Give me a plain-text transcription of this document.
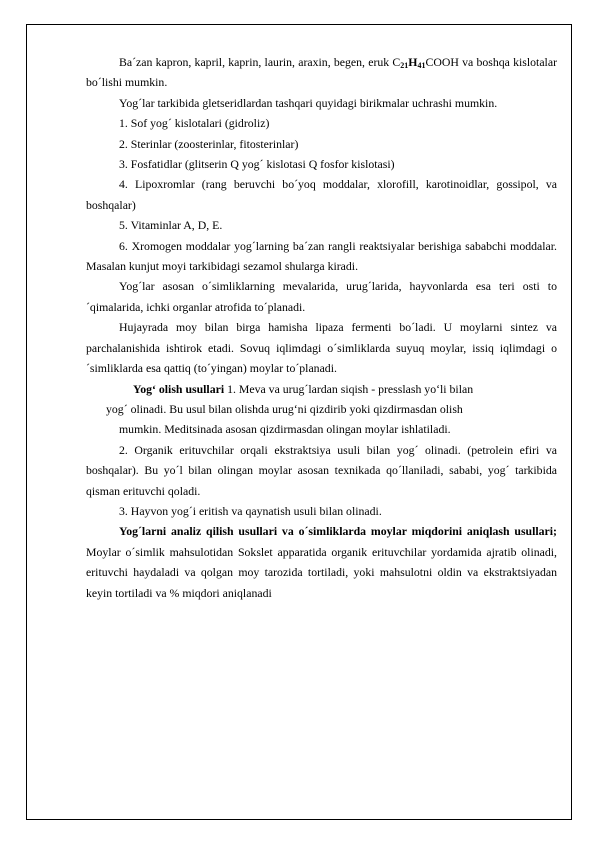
Ba´zan kapron, kapril, kaprin, laurin, araxin, begen, eruk $C_{21}H_{41}COOH$ va boshqa kislotalar bo´lishi mumkin.

Yog´lar tarkibida gletseridlardan tashqari quyidagi birikmalar uchrashi mumkin.

1. Sof yog´ kislotalari (gidroliz)

2. Sterinlar (zoosterinlar, fitosterinlar)

3. Fosfatidlar (glitserin Q yog´ kislotasi Q fosfor kislotasi)

4. Lipoxromlar (rang beruvchi bo´yoq moddalar, xlorofill, karotinoidlar, gossipol, va boshqalar)

5. Vitaminlar A, D, E.

6. Xromogen moddalar yog´larning ba´zan rangli reaktsiyalar berishiga sababchi moddalar. Masalan kunjut moyi tarkibidagi sezamol shularga kiradi.

Yog´lar asosan o´simliklarning mevalarida, urug´larida, hayvonlarda esa teri osti to´qimalarida, ichki organlar atrofida to´planadi.

Hujayrada moy bilan birga hamisha lipaza fermenti bo´ladi. U moylarni sintez va parchalanishida ishtirok etadi. Sovuq iqlimdagi o´simliklarda suyuq moylar, issiq iqlimdagi o´simliklarda esa qattiq (to´yingan) moylar to´planadi.

Yog‘ olish usullari 1. Meva va urug´lardan siqish - presslash yo‘li bilan
yog´ olinadi. Bu usul bilan olishda urug‘ni qizdirib yoki qizdirmasdan olish
mumkin. Meditsinada asosan qizdirmasdan olingan moylar ishlatiladi.

2. Organik erituvchilar orqali ekstraktsiya usuli bilan yog´ olinadi. (petrolein efiri va boshqalar). Bu yo´l bilan olingan moylar asosan texnikada qo´llaniladi, sababi, yog´ tarkibida qisman erituvchi qoladi.

3. Hayvon yog´i eritish va qaynatish usuli bilan olinadi.

Yog´larni analiz qilish usullari va o´simliklarda moylar miqdorini aniqlash usullari; Moylar o´simlik mahsulotidan Sokslet apparatida organik erituvchilar yordamida ajratib olinadi, erituvchi haydaladi va qolgan moy tarozida tortiladi, yoki mahsulotni oldin va ekstraktsiyadan keyin tortiladi va % miqdori aniqlanadi
